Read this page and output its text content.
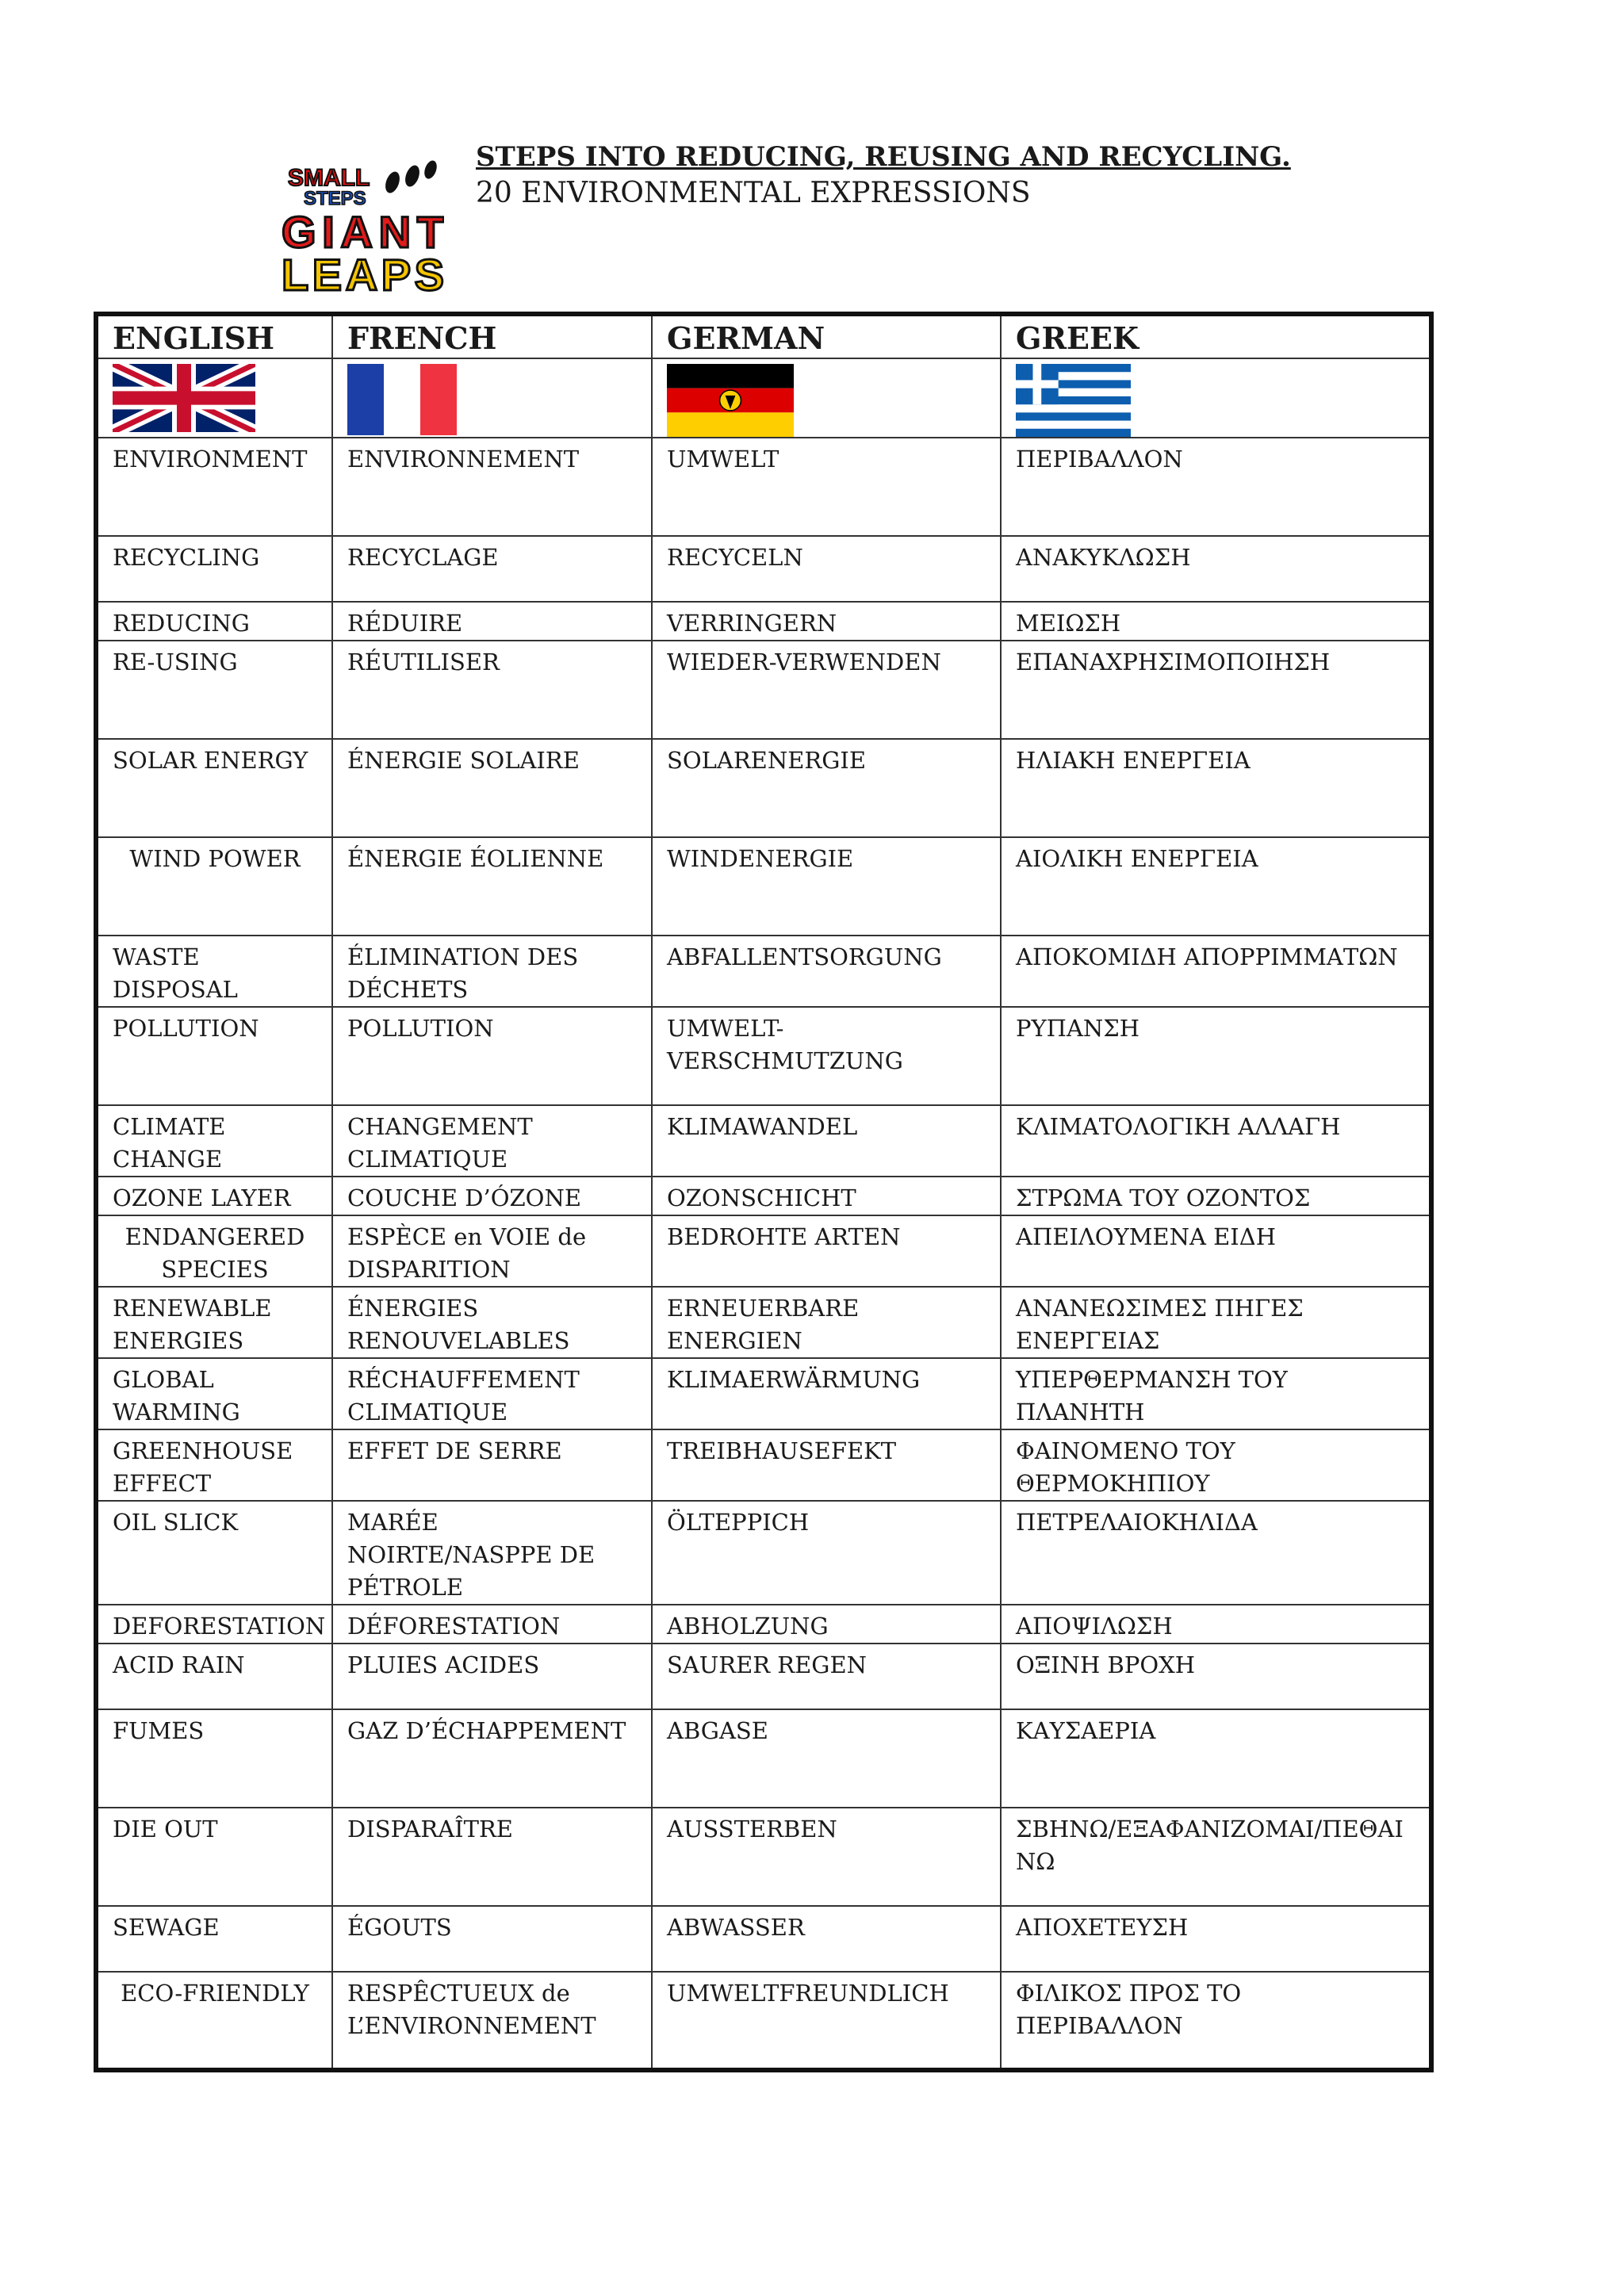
SMALL
STEPS
GIANT
LEAPS

STEPS INTO REDUCING, REUSING AND RECYCLING.

20 ENVIRONMENTAL EXPRESSIONS

ENGLISH	FRENCH	GERMAN	GREEK

ENVIRONMENT	ENVIRONNEMENT	UMWELT	ΠΕΡΙΒΑΛΛΟΝ
RECYCLING	RECYCLAGE	RECYCELN	ΑΝΑΚΥΚΛΩΣΗ
REDUCING	RÉDUIRE	VERRINGERN	ΜΕΙΩΣΗ
RE-USING	RÉUTILISER	WIEDER-VERWENDEN	ΕΠΑΝΑΧΡΗΣΙΜΟΠΟΙΗΣΗ
SOLAR ENERGY	ÉNERGIE SOLAIRE	SOLARENERGIE	ΗΛΙΑΚΗ ΕΝΕΡΓΕΙΑ
WIND POWER	ÉNERGIE ÉOLIENNE	WINDENERGIE	ΑΙΟΛΙΚΗ ΕΝΕΡΓΕΙΑ
WASTE DISPOSAL	ÉLIMINATION DES DÉCHETS	ABFALLENTSORGUNG	ΑΠΟΚΟΜΙΔΗ ΑΠΟΡΡΙΜΜΑΤΩΝ
POLLUTION	POLLUTION	UMWELT-VERSCHMUTZUNG	ΡΥΠΑΝΣΗ
CLIMATE CHANGE	CHANGEMENT CLIMATIQUE	KLIMAWANDEL	ΚΛΙΜΑΤΟΛΟΓΙΚΗ ΑΛΛΑΓΗ
OZONE LAYER	COUCHE D’ÓZONE	OZONSCHICHT	ΣΤΡΩΜΑ ΤΟΥ ΟΖΟΝΤΟΣ
ENDANGERED SPECIES	ESPÈCE en VOIE de DISPARITION	BEDROHTE ARTEN	ΑΠΕΙΛΟΥΜΕΝΑ ΕΙΔΗ
RENEWABLE ENERGIES	ÉNERGIES RENOUVELABLES	ERNEUERBARE ENERGIEN	ΑΝΑΝΕΩΣΙΜΕΣ ΠΗΓΕΣ ΕΝΕΡΓΕΙΑΣ
GLOBAL WARMING	RÉCHAUFFEMENT CLIMATIQUE	KLIMAERWÄRMUNG	ΥΠΕΡΘΕΡΜΑΝΣΗ ΤΟΥ ΠΛΑΝΗΤΗ
GREENHOUSE EFFECT	EFFET DE SERRE	TREIBHAUSEFEKT	ΦΑΙΝΟΜΕΝΟ ΤΟΥ ΘΕΡΜΟΚΗΠΙΟΥ
OIL SLICK	MARÉE NOIRTE/NASPPE DE PÉTROLE	ÖLTEPPICH	ΠΕΤΡΕΛΑΙΟΚΗΛΙΔΑ
DEFORESTATION	DÉFORESTATION	ABHOLZUNG	ΑΠΟΨΙΛΩΣΗ
ACID RAIN	PLUIES ACIDES	SAURER REGEN	ΟΞΙΝΗ ΒΡΟΧΗ
FUMES	GAZ D’ÉCHAPPEMENT	ABGASE	ΚΑΥΣΑΕΡΙΑ
DIE OUT	DISPARAÎTRE	AUSSTERBEN	ΣΒΗΝΩ/ΕΞΑΦΑΝΙΖΟΜΑΙ/ΠΕΘΑΙΝΩ
SEWAGE	ÉGOUTS	ABWASSER	ΑΠΟΧΕΤΕΥΣΗ
ECO-FRIENDLY	RESPÊCTUEUX de L’ENVIRONNEMENT	UMWELTFREUNDLICH	ΦΙΛΙΚΟΣ ΠΡΟΣ ΤΟ ΠΕΡΙΒΑΛΛΟΝ
